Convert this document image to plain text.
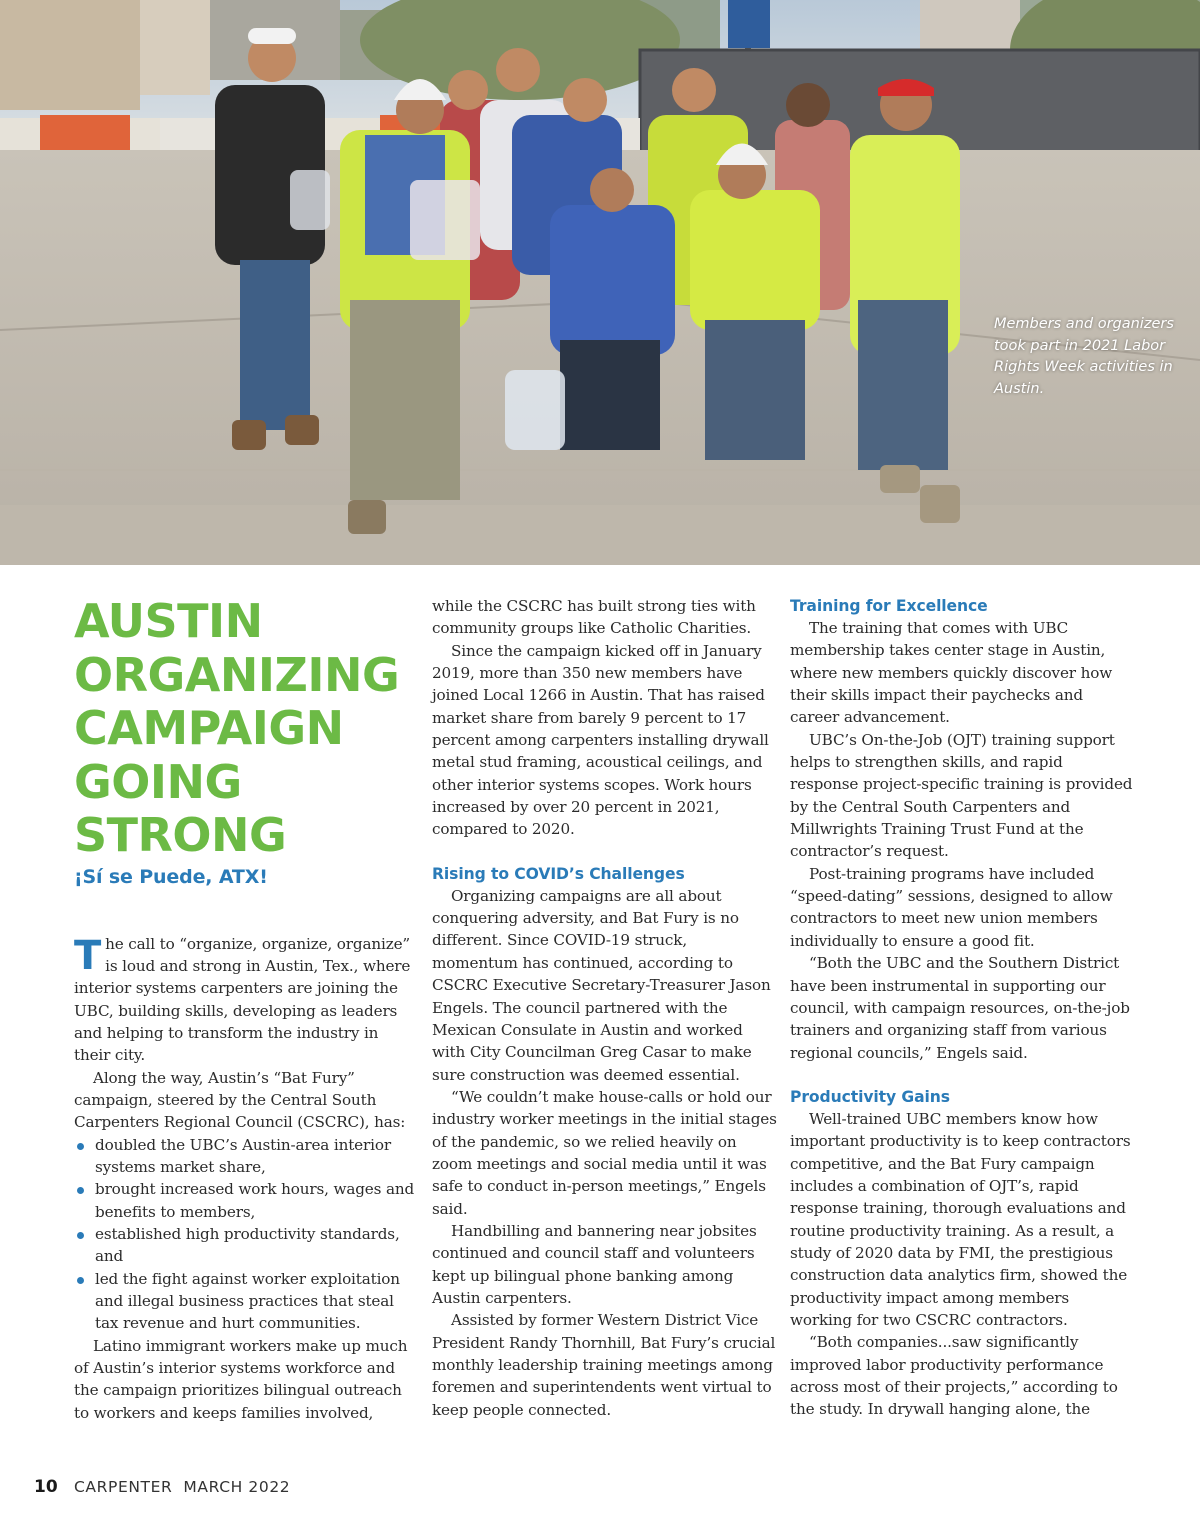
Members and organizers took part in 2021 Labor Rights Week activities in Austin.
AUSTIN ORGANIZING CAMPAIGN GOING STRONG
¡Sí se Puede, ATX!

The call to “organize, organize, organize” is loud and strong in Austin, Tex., where interior systems carpenters are joining the UBC, building skills, developing as leaders and helping to transform the industry in their city.

Along the way, Austin’s “Bat Fury” campaign, steered by the Central South Carpenters Regional Council (CSCRC), has:

doubled the UBC’s Austin-area interior systems market share,
brought increased work hours, wages and benefits to members,
established high productivity standards, and
led the fight against worker exploitation and illegal business practices that steal tax revenue and hurt communities.

Latino immigrant workers make up much of Austin’s interior systems workforce and the campaign prioritizes bilingual outreach to workers and keeps families involved,

while the CSCRC has built strong ties with community groups like Catholic Charities.

Since the campaign kicked off in January 2019, more than 350 new members have joined Local 1266 in Austin. That has raised market share from barely 9 percent to 17 percent among carpenters installing drywall metal stud framing, acoustical ceilings, and other interior systems scopes. Work hours increased by over 20 percent in 2021, compared to 2020.

Rising to COVID’s Challenges

Organizing campaigns are all about conquering adversity, and Bat Fury is no different. Since COVID-19 struck, momentum has continued, according to CSCRC Executive Secretary-Treasurer Jason Engels. The council partnered with the Mexican Consulate in Austin and worked with City Councilman Greg Casar to make sure construction was deemed essential.

“We couldn’t make house-calls or hold our industry worker meetings in the initial stages of the pandemic, so we relied heavily on zoom meetings and social media until it was safe to conduct in-person meetings,” Engels said.

Handbilling and bannering near jobsites continued and council staff and volunteers kept up bilingual phone banking among Austin carpenters.

Assisted by former Western District Vice President Randy Thornhill, Bat Fury’s crucial monthly leadership training meetings among foremen and superintendents went virtual to keep people connected.

Training for Excellence

The training that comes with UBC membership takes center stage in Austin, where new members quickly discover how their skills impact their paychecks and career advancement.

UBC’s On-the-Job (OJT) training support helps to strengthen skills, and rapid response project-specific training is provided by the Central South Carpenters and Millwrights Training Trust Fund at the contractor’s request.

Post-training programs have included “speed-dating” sessions, designed to allow contractors to meet new union members individually to ensure a good fit.

“Both the UBC and the Southern District have been instrumental in supporting our council, with campaign resources, on-the-job trainers and organizing staff from various regional councils,” Engels said.

Productivity Gains

Well-trained UBC members know how important productivity is to keep contractors competitive, and the Bat Fury campaign includes a combination of OJT’s, rapid response training, thorough evaluations and routine productivity training. As a result, a study of 2020 data by FMI, the prestigious construction data analytics firm, showed the productivity impact among members working for two CSCRC contractors.

“Both companies...saw significantly improved labor productivity performance across most of their projects,” according to the study. In drywall hanging alone, the

10 CARPENTER  MARCH 2022
